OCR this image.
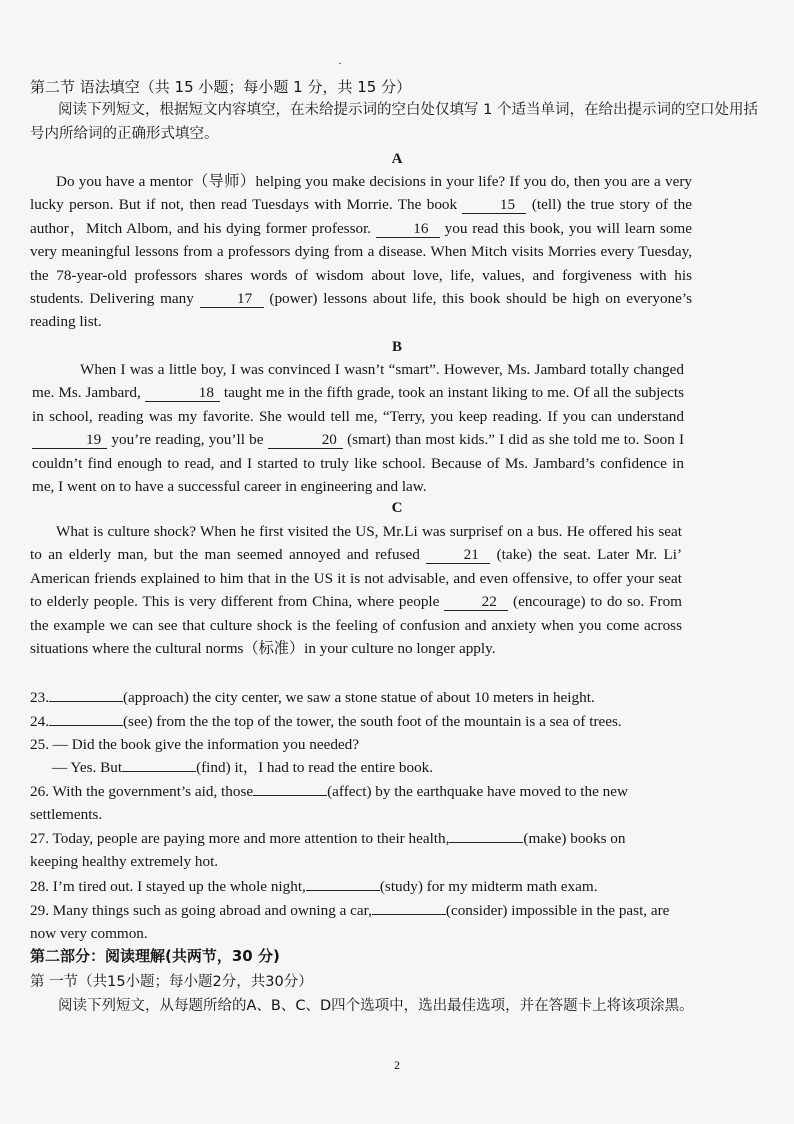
·
第二节 语法填空（共 15 小题；每小题 1 分，共 15 分）
阅读下列短文，根据短文内容填空，在未给提示词的空白处仅填写 1 个适当单词，在给出提示词的空口处用括号内所给词的正确形式填空。
A

Do you have a mentor（导师）helping you make decisions in your life? If you do, then you are a very lucky person. But if not, then read Tuesdays with Morrie. The book	15 (tell) the true story of the author，Mitch Albom, and his dying former professor.	16 you read this book, you will learn some very meaningful lessons from a professors dying from a disease. When Mitch visits Morries every Tuesday, the 78-year-old professors shares words of wisdom about love, life, values, and forgiveness with his students. Delivering many	17 (power) lessons about life, this book should be high on everyone’s reading list.

B

When I was a little boy, I was convinced I wasn’t “smart”. However, Ms. Jambard totally changed me. Ms. Jambard,	18 taught me in the fifth grade, took an instant liking to me. Of all the subjects in school, reading was my favorite. She would tell me, “Terry, you keep reading. If you can understand 19 you’re reading, you’ll be	20 (smart) than most kids.” I did as she told me to. Soon I couldn’t find enough to read, and I started to truly like school. Because of Ms. Jambard’s confidence in me, I went on to have a successful career in engineering and law.

C

What is culture shock? When he first visited the US, Mr.Li was surprisef on a bus. He offered his seat to an elderly man, but the man seemed annoyed and refused	21 (take) the seat. Later Mr. Li’ American friends explained to him that in the US it is not advisable, and even offensive, to offer your seat to elderly people. This is very different from China, where people	22 (encourage) to do so. From the example we can see that culture shock is the feeling of confusion and anxiety when you come across situations where the cultural norms（标准）in your culture no longer apply.

23.	(approach) the city center, we saw a stone statue of about 10 meters in height.
24.	(see) from the the top of the tower, the south foot of the mountain is a sea of trees.
25. — Did the book give the information you needed?
— Yes. But	(find) it，I had to read the entire book.
26. With the government’s aid, those	(affect) by the earthquake have moved to the new settlements.
27. Today, people are paying more and more attention to their health,	(make) books on keeping healthy extremely hot.
28. I’m tired out. I stayed up the whole night,	(study) for my midterm math exam.
29. Many things such as going abroad and owning a car,	(consider) impossible in the past, are now very common.
第二部分：阅读理解(共两节，30 分)
第 一节（共15小题；每小题2分，共30分）
阅读下列短文，从每题所给的A、B、C、D四个选项中，选出最佳选项，并在答题卡上将该项涂黑。
2
